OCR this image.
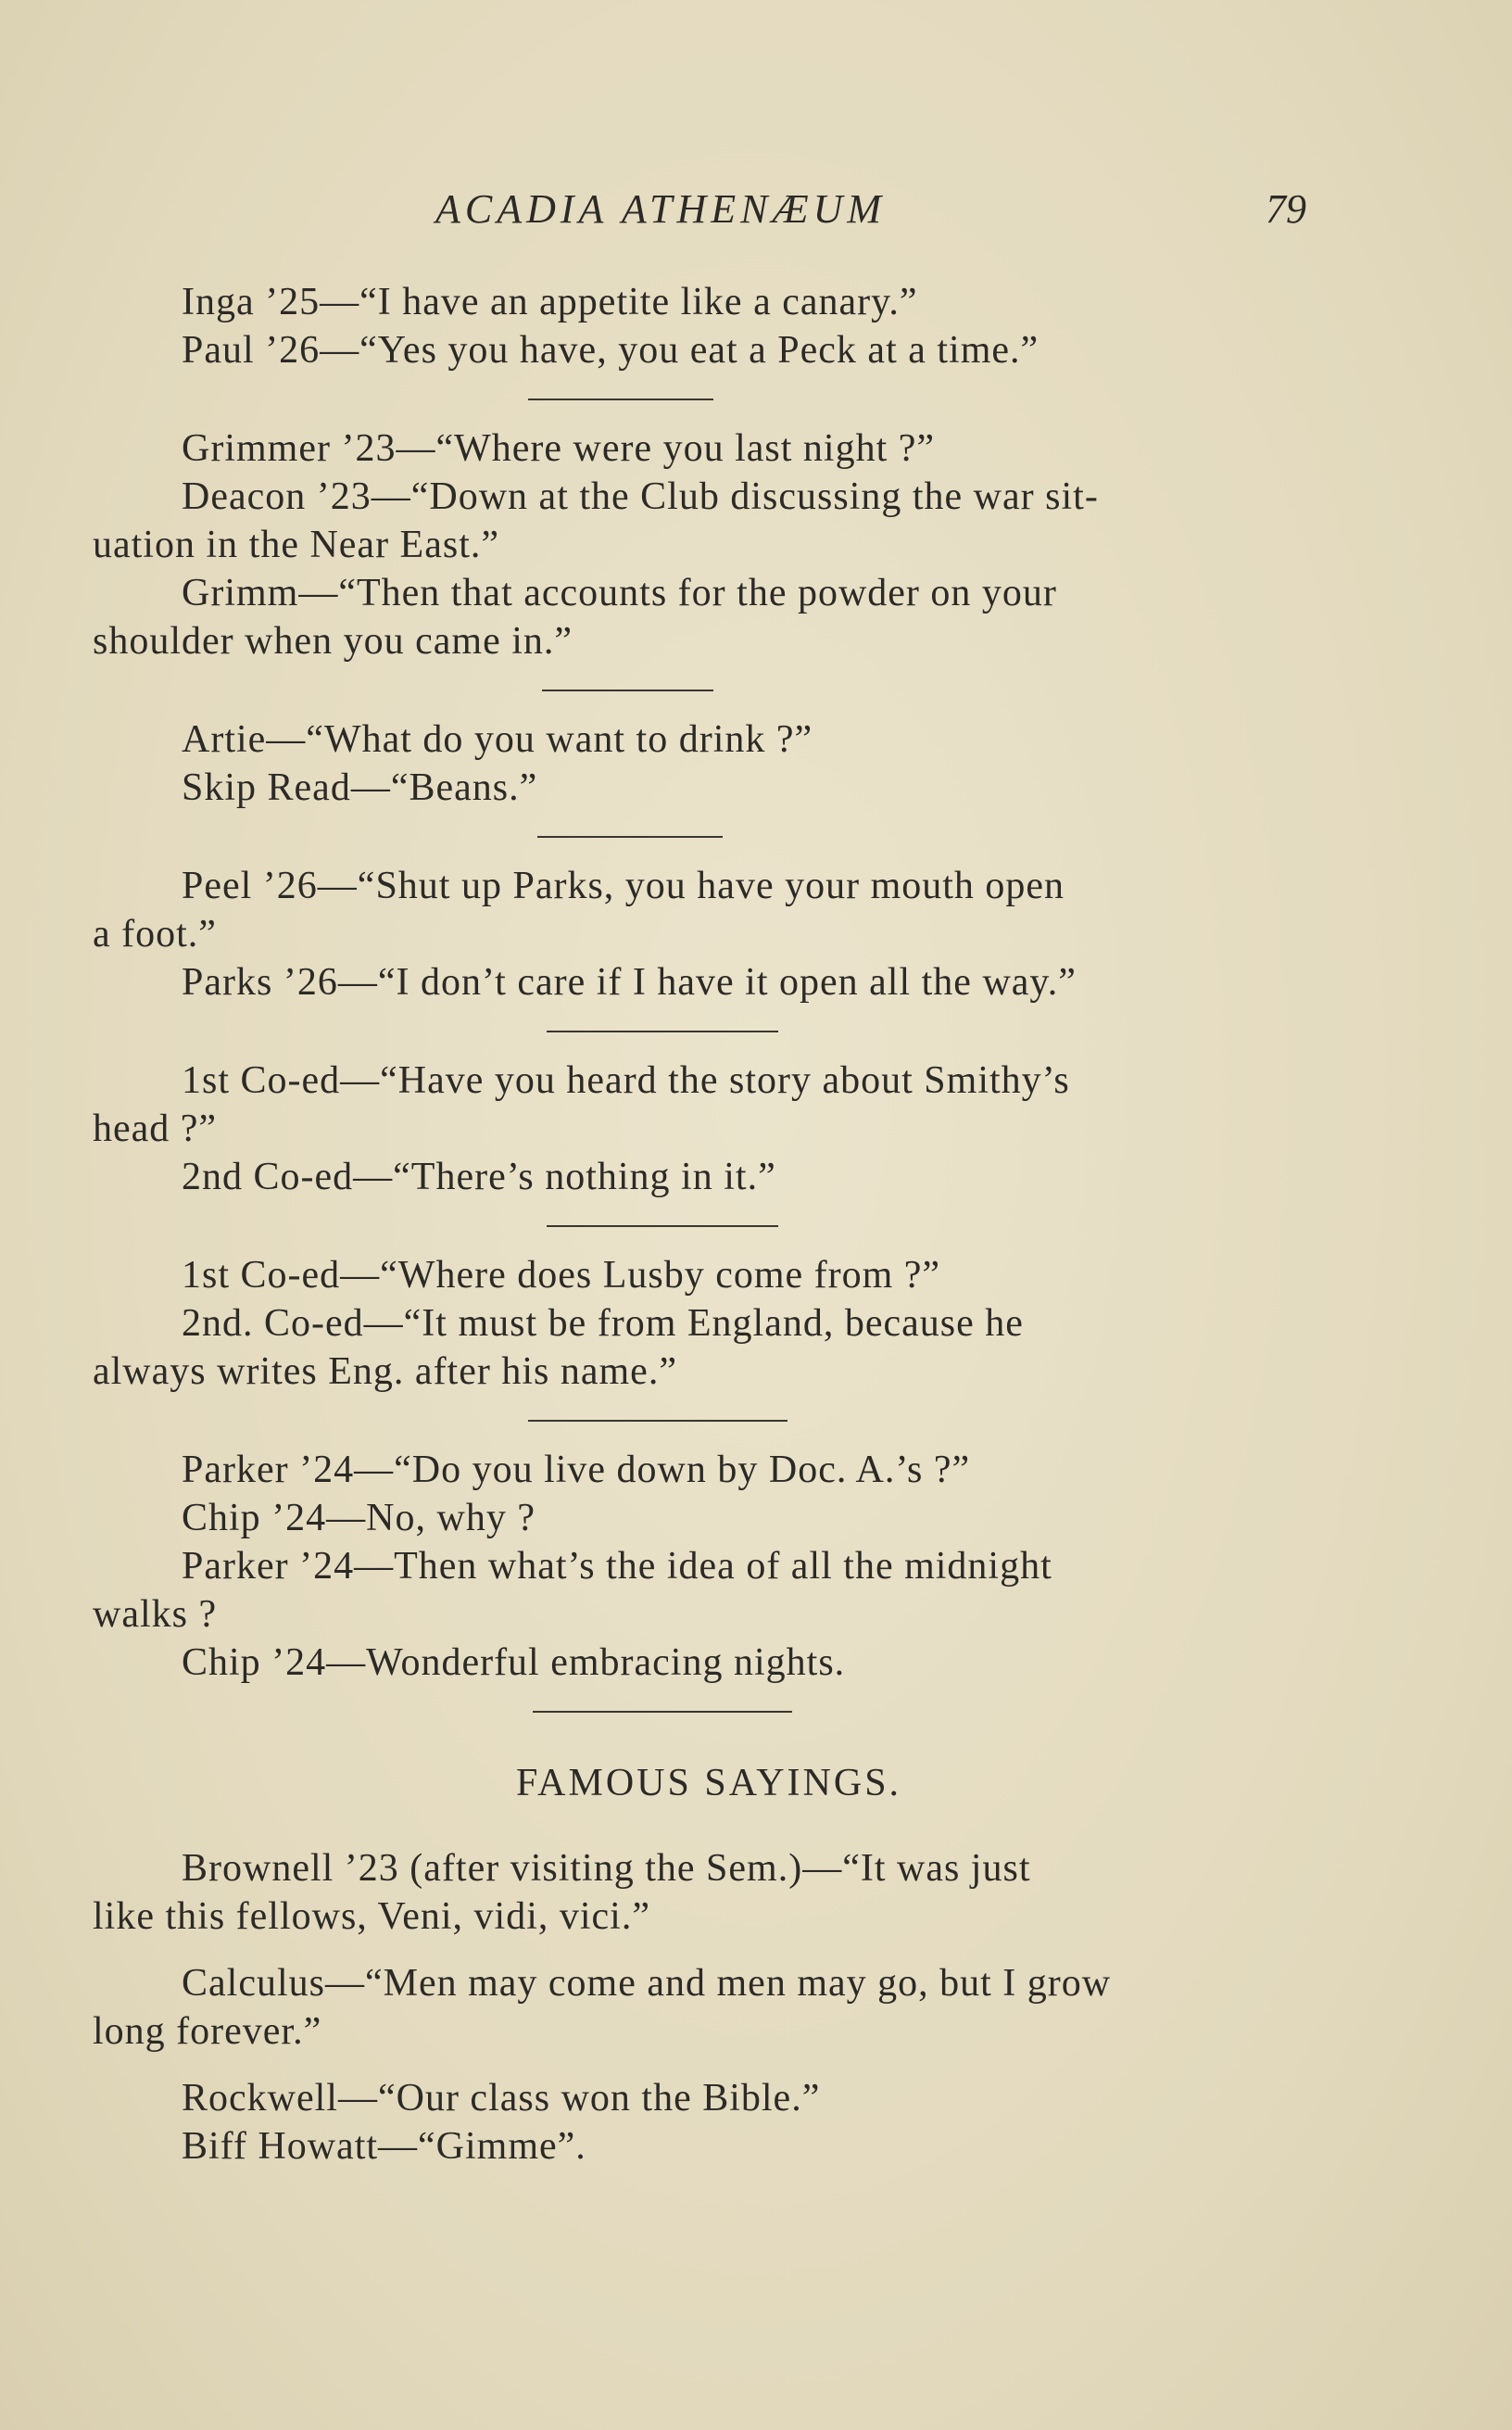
ACADIA ATHENÆUM	79
Inga ’25—“I have an appetite like a canary.”
Paul ’26—“Yes you have, you eat a Peck at a time.”
Grimmer ’23—“Where were you last night ?”
Deacon ’23—“Down at the Club discussing the war sit-
uation in the Near East.”
Grimm—“Then that accounts for the powder on your
shoulder when you came in.”
Artie—“What do you want to drink ?”
Skip Read—“Beans.”
Peel ’26—“Shut up Parks, you have your mouth open
a foot.”
Parks ’26—“I don’t care if I have it open all the way.”
1st Co-ed—“Have you heard the story about Smithy’s
head ?”
2nd Co-ed—“There’s nothing in it.”
1st Co-ed—“Where does Lusby come from ?”
2nd. Co-ed—“It must be from England, because he
always writes Eng. after his name.”
Parker ’24—“Do you live down by Doc. A.’s ?”
Chip ’24—No, why ?
Parker ’24—Then what’s the idea of all the midnight
walks ?
Chip ’24—Wonderful embracing nights.
FAMOUS SAYINGS.
Brownell ’23 (after visiting the Sem.)—“It was just
like this fellows, Veni, vidi, vici.”
Calculus—“Men may come and men may go, but I grow
long forever.”
Rockwell—“Our class won the Bible.”
Biff Howatt—“Gimme”.
